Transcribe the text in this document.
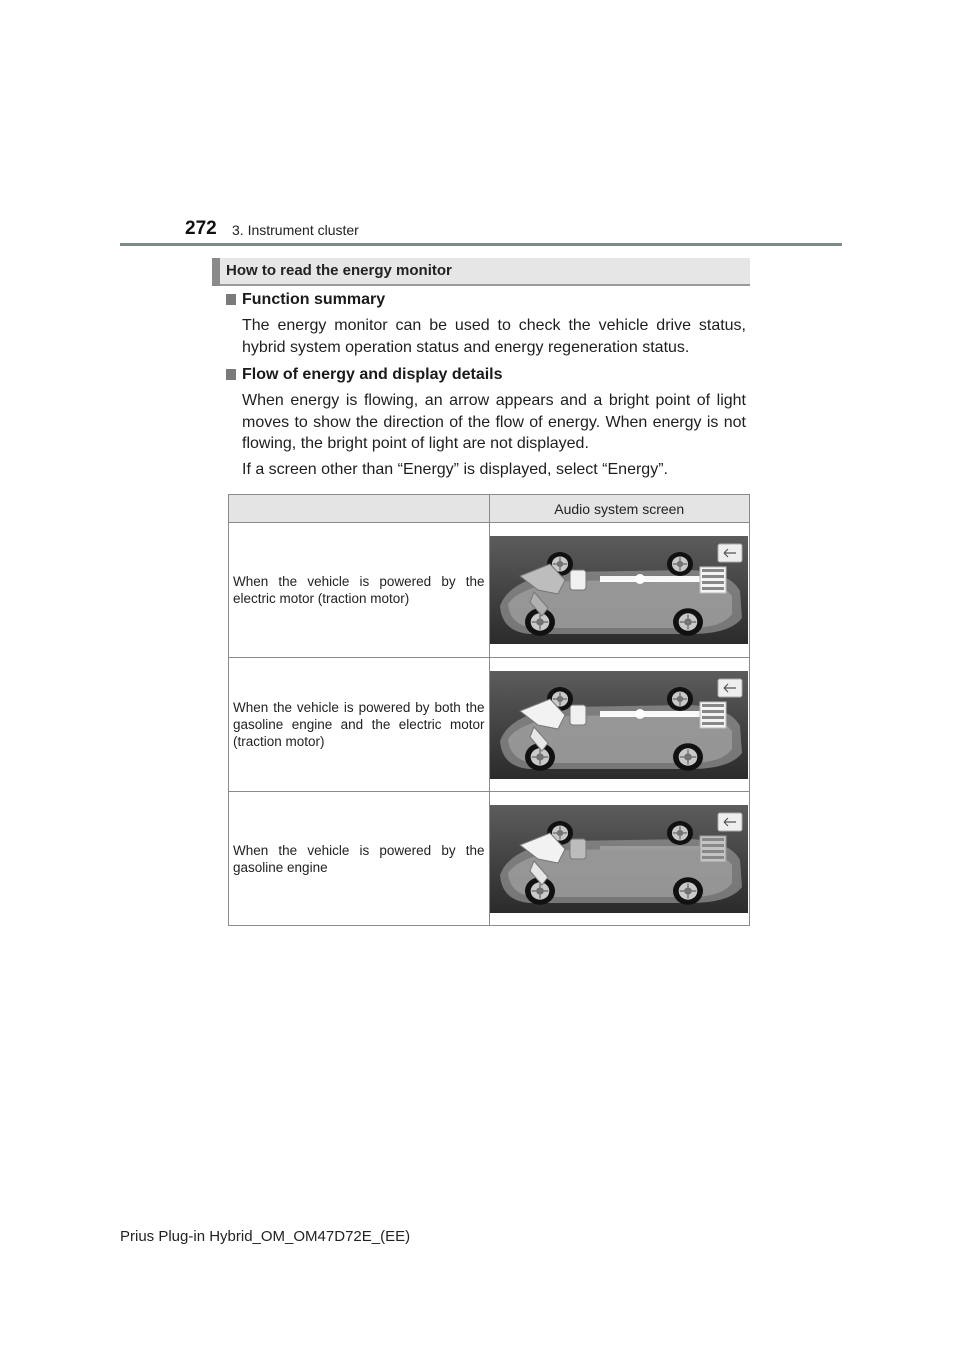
272 3. Instrument cluster
How to read the energy monitor
Function summary
The energy monitor can be used to check the vehicle drive status, hybrid system operation status and energy regeneration status.
Flow of energy and display details
When energy is flowing, an arrow appears and a bright point of light moves to show the direction of the flow of energy. When energy is not flowing, the bright point of light are not displayed.
If a screen other than “Energy” is displayed, select “Energy”.
	Audio system screen
When the vehicle is powered by the electric motor (traction motor)	

When the vehicle is powered by both the gasoline engine and the electric motor (traction motor)	

When the vehicle is powered by the gasoline engine	
Prius Plug-in Hybrid_OM_OM47D72E_(EE)
